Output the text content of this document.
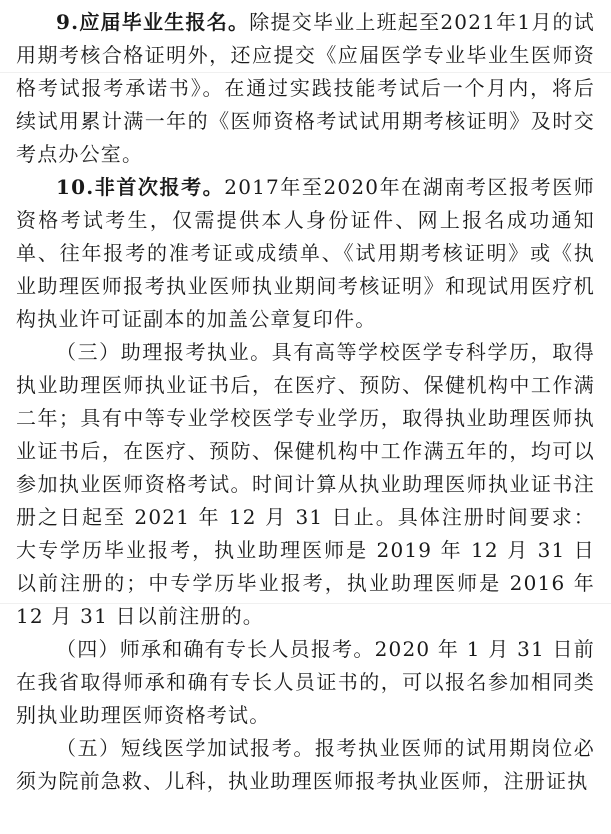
9.应届毕业生报名。除提交毕业上班起至2021年1月的试用期考核合格证明外，还应提交《应届医学专业毕业生医师资格考试报考承诺书》。在通过实践技能考试后一个月内，将后续试用累计满一年的《医师资格考试试用期考核证明》及时交考点办公室。

10.非首次报考。2017年至2020年在湖南考区报考医师资格考试考生，仅需提供本人身份证件、网上报名成功通知单、往年报考的准考证或成绩单、《试用期考核证明》或《执业助理医师报考执业医师执业期间考核证明》和现试用医疗机构执业许可证副本的加盖公章复印件。

（三）助理报考执业。具有高等学校医学专科学历，取得执业助理医师执业证书后，在医疗、预防、保健机构中工作满二年；具有中等专业学校医学专业学历，取得执业助理医师执业证书后，在医疗、预防、保健机构中工作满五年的，均可以参加执业医师资格考试。时间计算从执业助理医师执业证书注册之日起至 2021 年 12 月 31 日止。具体注册时间要求：大专学历毕业报考，执业助理医师是 2019 年 12 月 31 日以前注册的；中专学历毕业报考，执业助理医师是 2016 年 12 月 31 日以前注册的。

（四）师承和确有专长人员报考。2020 年 1 月 31 日前在我省取得师承和确有专长人员证书的，可以报名参加相同类别执业助理医师资格考试。

（五）短线医学加试报考。报考执业医师的试用期岗位必须为院前急救、儿科，执业助理医师报考执业医师，注册证执
